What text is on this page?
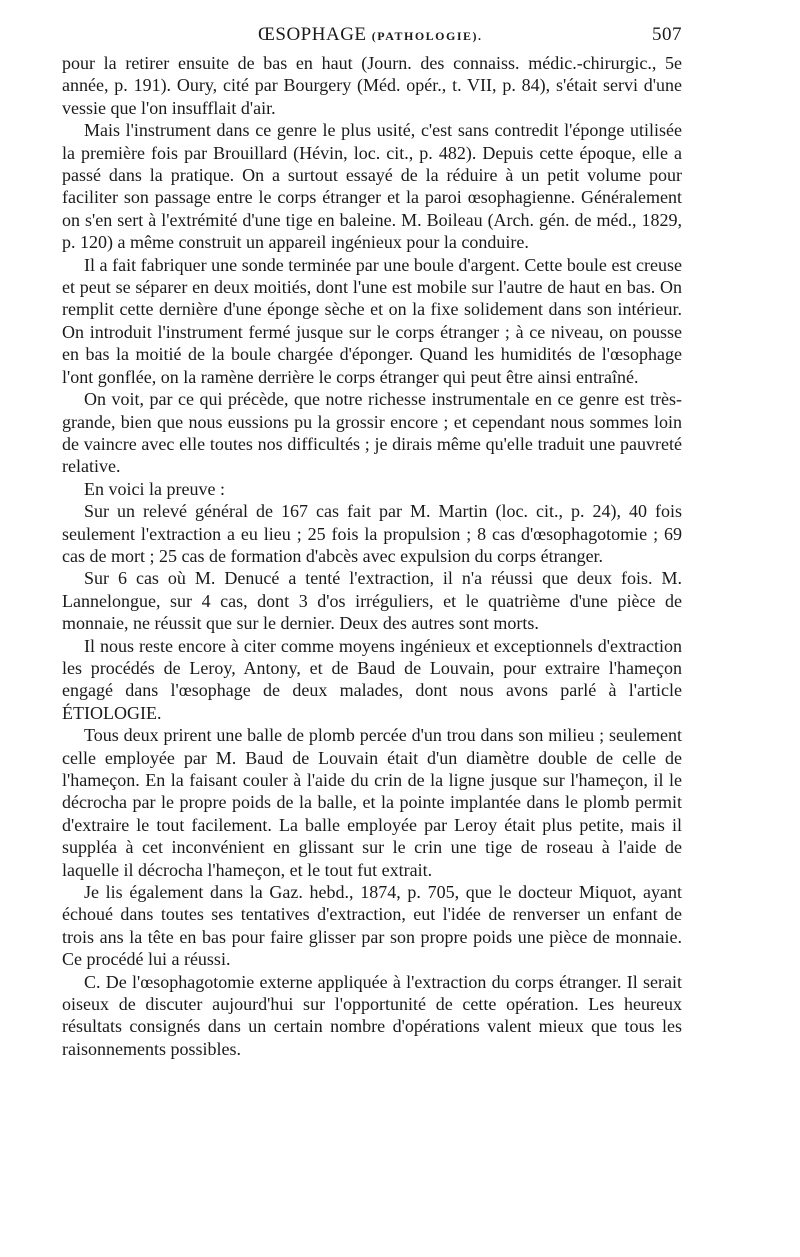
ŒSOPHAGE (PATHOLOGIE).	507

pour la retirer ensuite de bas en haut (Journ. des connaiss. médic.-chirurgic., 5e année, p. 191). Oury, cité par Bourgery (Méd. opér., t. VII, p. 84), s'était servi d'une vessie que l'on insufflait d'air.

Mais l'instrument dans ce genre le plus usité, c'est sans contredit l'éponge utilisée la première fois par Brouillard (Hévin, loc. cit., p. 482). Depuis cette époque, elle a passé dans la pratique. On a surtout essayé de la réduire à un petit volume pour faciliter son passage entre le corps étranger et la paroi œsophagienne. Généralement on s'en sert à l'extrémité d'une tige en baleine. M. Boileau (Arch. gén. de méd., 1829, p. 120) a même construit un appareil ingénieux pour la conduire.

Il a fait fabriquer une sonde terminée par une boule d'argent. Cette boule est creuse et peut se séparer en deux moitiés, dont l'une est mobile sur l'autre de haut en bas. On remplit cette dernière d'une éponge sèche et on la fixe solidement dans son intérieur. On introduit l'instrument fermé jusque sur le corps étranger ; à ce niveau, on pousse en bas la moitié de la boule chargée d'éponger. Quand les humidités de l'œsophage l'ont gonflée, on la ramène derrière le corps étranger qui peut être ainsi entraîné.

On voit, par ce qui précède, que notre richesse instrumentale en ce genre est très-grande, bien que nous eussions pu la grossir encore ; et cependant nous sommes loin de vaincre avec elle toutes nos difficultés ; je dirais même qu'elle traduit une pauvreté relative.

En voici la preuve :

Sur un relevé général de 167 cas fait par M. Martin (loc. cit., p. 24), 40 fois seulement l'extraction a eu lieu ; 25 fois la propulsion ; 8 cas d'œsophagotomie ; 69 cas de mort ; 25 cas de formation d'abcès avec expulsion du corps étranger.

Sur 6 cas où M. Denucé a tenté l'extraction, il n'a réussi que deux fois. M. Lannelongue, sur 4 cas, dont 3 d'os irréguliers, et le quatrième d'une pièce de monnaie, ne réussit que sur le dernier. Deux des autres sont morts.

Il nous reste encore à citer comme moyens ingénieux et exceptionnels d'extraction les procédés de Leroy, Antony, et de Baud de Louvain, pour extraire l'hameçon engagé dans l'œsophage de deux malades, dont nous avons parlé à l'article ÉTIOLOGIE.

Tous deux prirent une balle de plomb percée d'un trou dans son milieu ; seulement celle employée par M. Baud de Louvain était d'un diamètre double de celle de l'hameçon. En la faisant couler à l'aide du crin de la ligne jusque sur l'hameçon, il le décrocha par le propre poids de la balle, et la pointe implantée dans le plomb permit d'extraire le tout facilement. La balle employée par Leroy était plus petite, mais il suppléa à cet inconvénient en glissant sur le crin une tige de roseau à l'aide de laquelle il décrocha l'hameçon, et le tout fut extrait.

Je lis également dans la Gaz. hebd., 1874, p. 705, que le docteur Miquot, ayant échoué dans toutes ses tentatives d'extraction, eut l'idée de renverser un enfant de trois ans la tête en bas pour faire glisser par son propre poids une pièce de monnaie. Ce procédé lui a réussi.

C. De l'œsophagotomie externe appliquée à l'extraction du corps étranger. Il serait oiseux de discuter aujourd'hui sur l'opportunité de cette opération. Les heureux résultats consignés dans un certain nombre d'opérations valent mieux que tous les raisonnements possibles.
